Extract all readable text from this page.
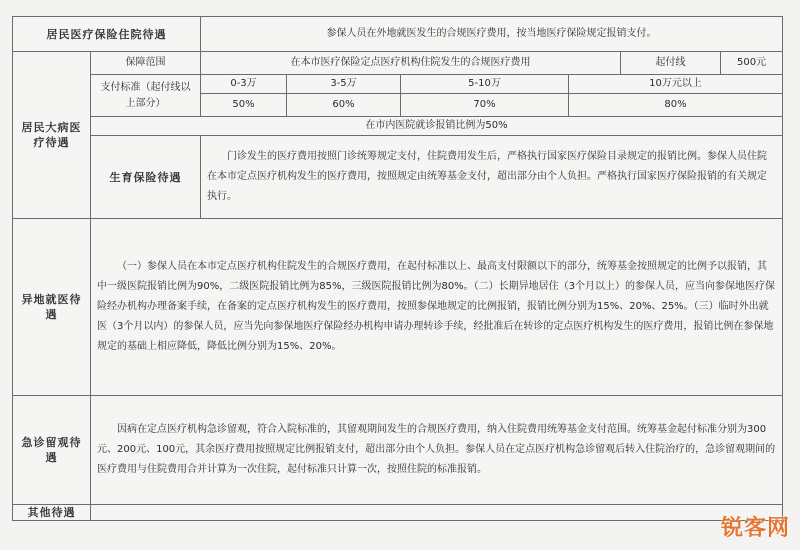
居民医疗保险住院待遇		参保人员在外地就医发生的合规医疗费用，按当地医疗保险规定报销支付。					
居民大病医疗待遇	保障范围	在本市医疗保险定点医疗机构住院发生的合规医疗费用				起付线	500元
	支付标准（起付线以上部分）	0-3万	3-5万	5-10万	10万元以上		
		50%	60%	70%	80%		
	在市内医院就诊报销比例为50%						
	生育保险待遇	门诊发生的医疗费用按照门诊统筹规定支付，住院费用发生后，严格执行国家医疗保险目录规定的报销比例。参保人员住院在本市定点医疗机构发生的医疗费用，按照规定由统筹基金支付，超出部分由个人负担。严格执行国家医疗保险报销的有关规定执行。					
异地就医待遇	（一）参保人员在本市定点医疗机构住院发生的合规医疗费用，在起付标准以上、最高支付限额以下的部分，统筹基金按照规定的比例予以报销，其中一级医院报销比例为90%，二级医院报销比例为85%，三级医院报销比例为80%。（二）长期异地居住（3个月以上）的参保人员，应当向参保地医疗保险经办机构办理备案手续，在备案的定点医疗机构发生的医疗费用，按照参保地规定的比例报销，报销比例分别为15%、20%、25%。（三）临时外出就医（3个月以内）的参保人员，应当先向参保地医疗保险经办机构申请办理转诊手续，经批准后在转诊的定点医疗机构发生的医疗费用，报销比例在参保地规定的基础上相应降低，降低比例分别为15%、20%。						
急诊留观待遇	因病在定点医疗机构急诊留观，符合入院标准的，其留观期间发生的合规医疗费用，纳入住院费用统筹基金支付范围。统筹基金起付标准分别为300元、200元、100元，其余医疗费用按照规定比例报销支付，超出部分由个人负担。参保人员在定点医疗机构急诊留观后转入住院治疗的，急诊留观期间的医疗费用与住院费用合并计算为一次住院，起付标准只计算一次，按照住院的标准报销。						
其他待遇							
锐客网
